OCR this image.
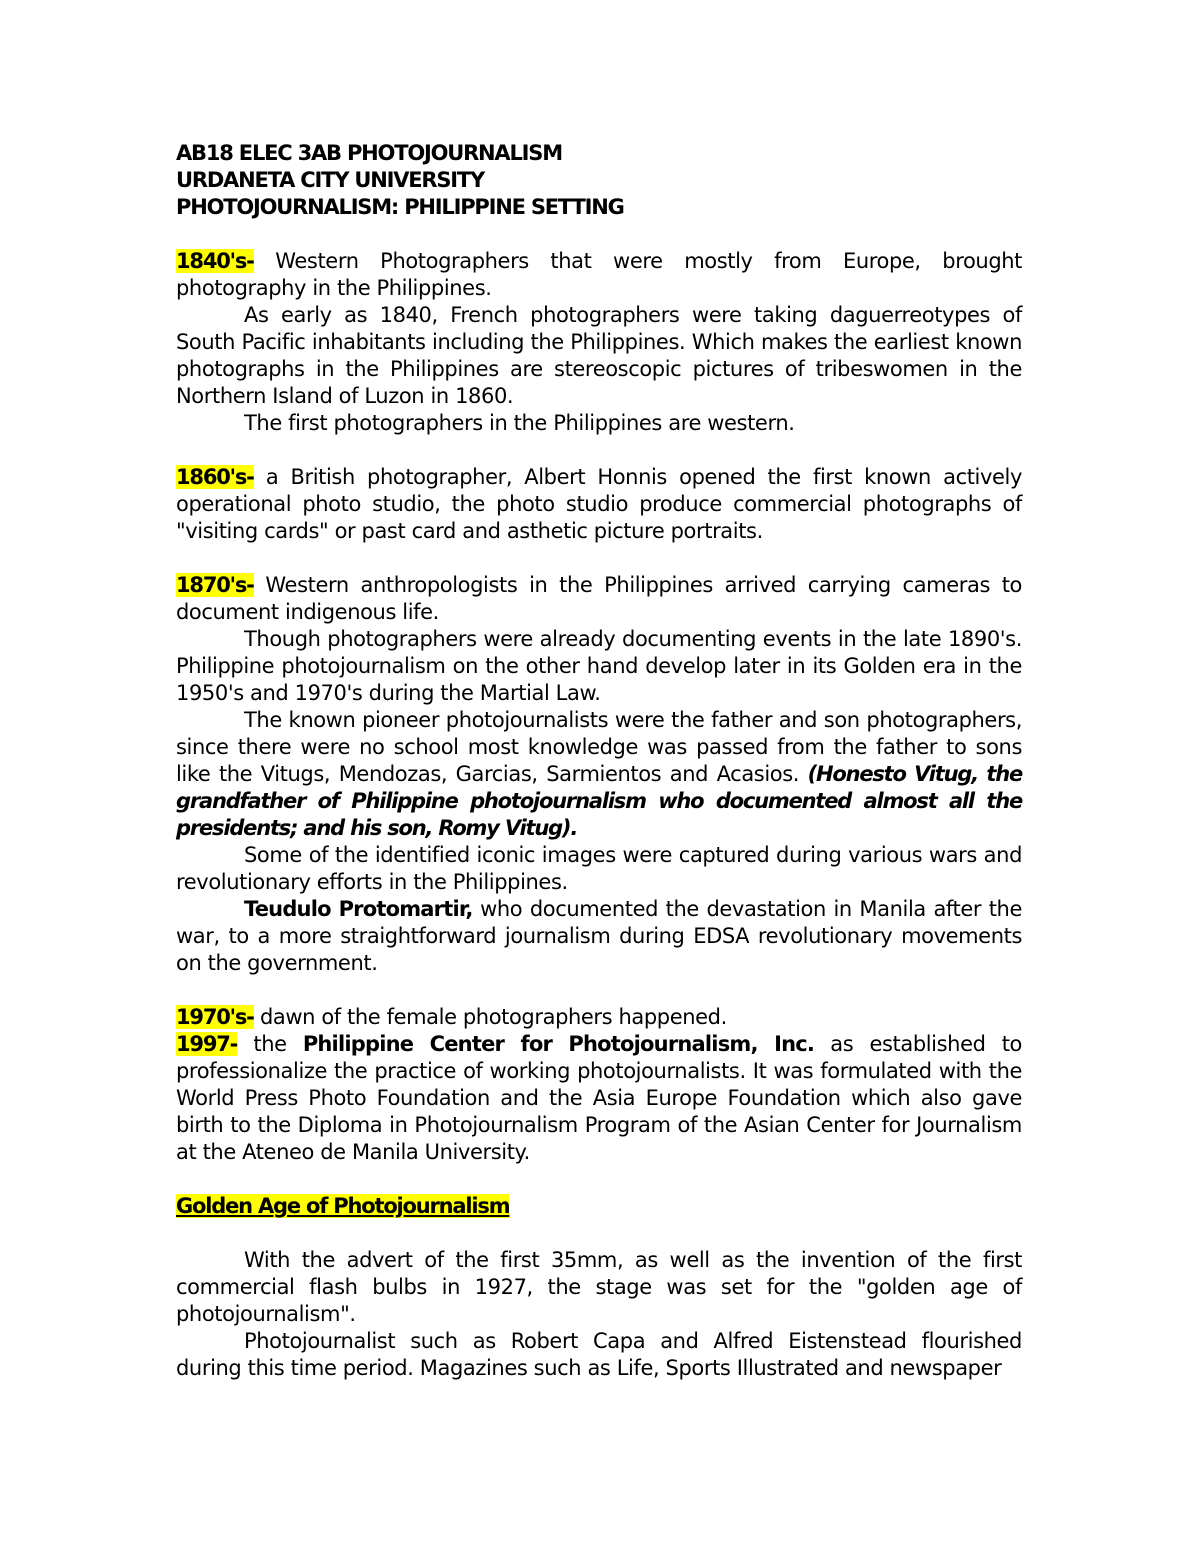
AB18 ELEC 3AB PHOTOJOURNALISM

URDANETA CITY UNIVERSITY

PHOTOJOURNALISM: PHILIPPINE SETTING

1840's- Western Photographers that were mostly from Europe, brought photography in the Philippines.

As early as 1840, French photographers were taking daguerreotypes of South Pacific inhabitants including the Philippines. Which makes the earliest known photographs in the Philippines are stereoscopic pictures of tribeswomen in the Northern Island of Luzon in 1860.

The first photographers in the Philippines are western.

1860's- a British photographer, Albert Honnis opened the first known actively operational photo studio, the photo studio produce commercial photographs of "visiting cards" or past card and asthetic picture portraits.

1870's- Western anthropologists in the Philippines arrived carrying cameras to document indigenous life.

Though photographers were already documenting events in the late 1890's. Philippine photojournalism on the other hand develop later in its Golden era in the 1950's and 1970's during the Martial Law.

The known pioneer photojournalists were the father and son photographers, since there were no school most knowledge was passed from the father to sons like the Vitugs, Mendozas, Garcias, Sarmientos and Acasios. (Honesto Vitug, the grandfather of Philippine photojournalism who documented almost all the presidents; and his son, Romy Vitug).

Some of the identified iconic images were captured during various wars and revolutionary efforts in the Philippines.

Teudulo Protomartir, who documented the devastation in Manila after the war, to a more straightforward journalism during EDSA revolutionary movements on the government.

1970's- dawn of the female photographers happened.

1997- the Philippine Center for Photojournalism, Inc. as established to professionalize the practice of working photojournalists. It was formulated with the World Press Photo Foundation and the Asia Europe Foundation which also gave birth to the Diploma in Photojournalism Program of the Asian Center for Journalism at the Ateneo de Manila University.

Golden Age of Photojournalism

With the advert of the first 35mm, as well as the invention of the first commercial flash bulbs in 1927, the stage was set for the "golden age of photojournalism".

Photojournalist such as Robert Capa and Alfred Eistenstead flourished during this time period. Magazines such as Life, Sports Illustrated and newspaper
